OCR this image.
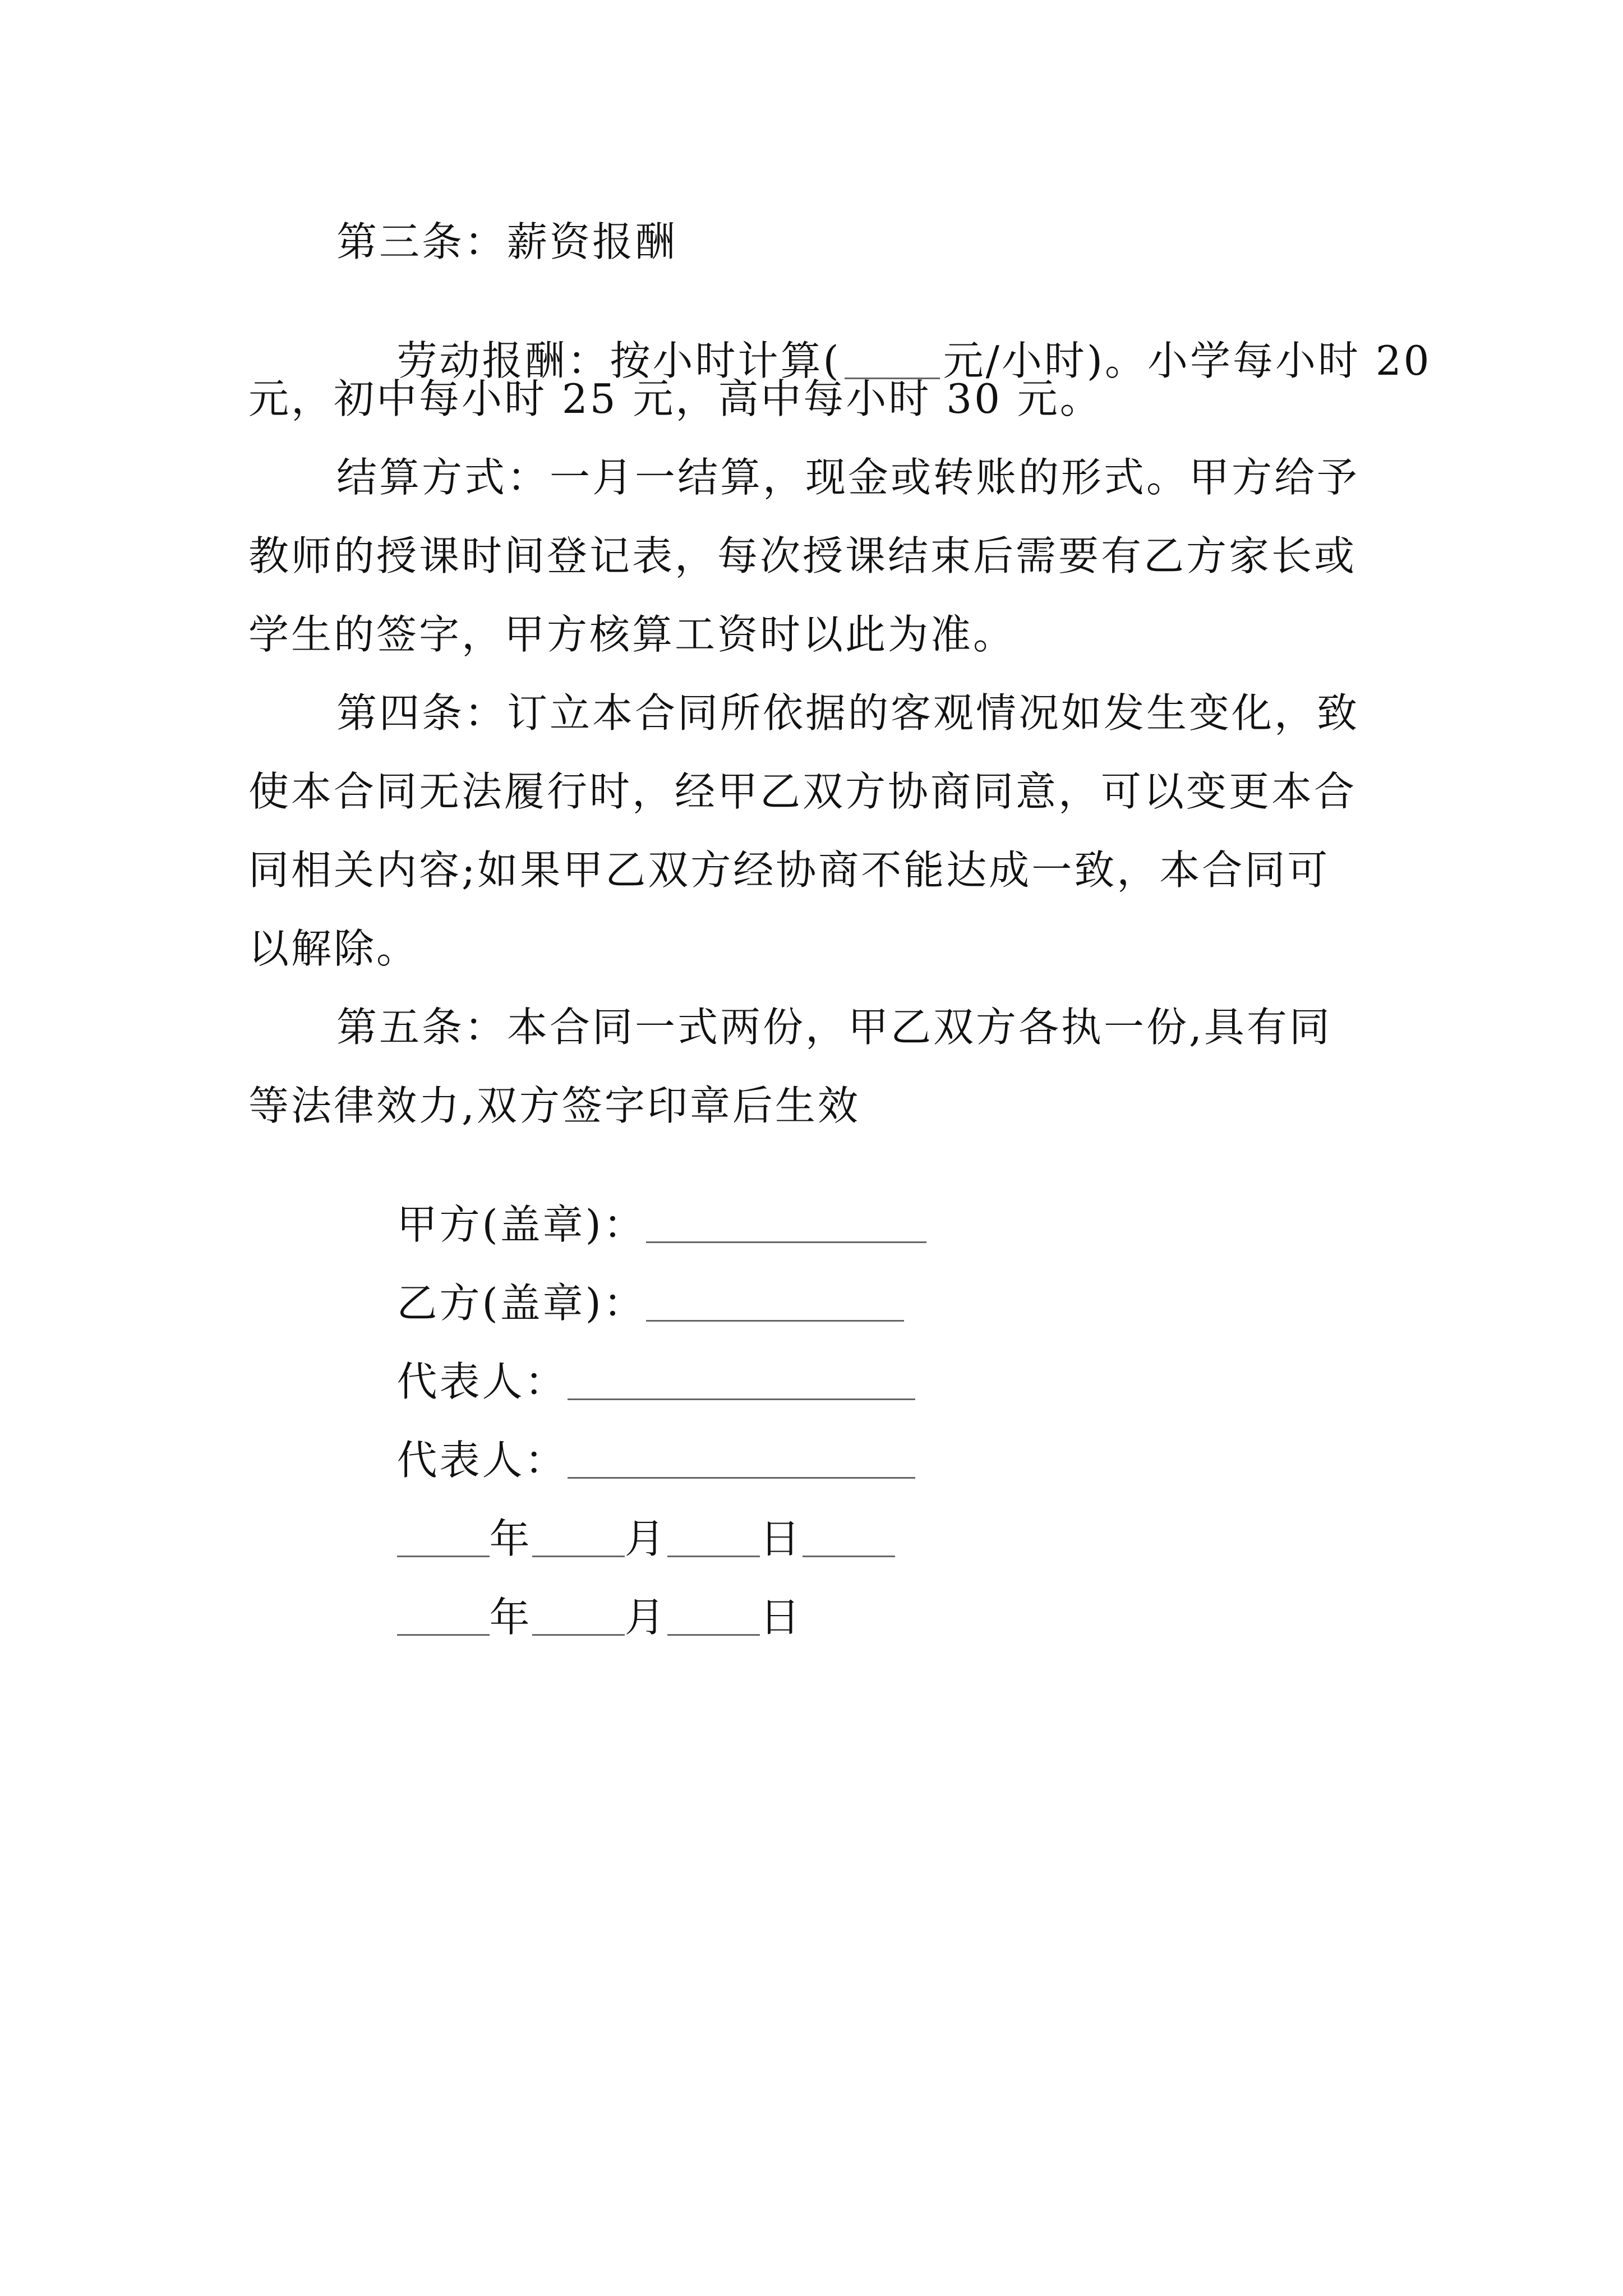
第三条：薪资报酬

劳动报酬：按小时计算(	元/小时)。小学每小时 20

元，初中每小时 25 元，高中每小时 30 元。
结算方式：一月一结算，现金或转账的形式。甲方给予
教师的授课时间登记表，每次授课结束后需要有乙方家长或
学生的签字，甲方核算工资时以此为准。
第四条：订立本合同所依据的客观情况如发生变化，致
使本合同无法履行时，经甲乙双方协商同意，可以变更本合
同相关内容;如果甲乙双方经协商不能达成一致，本合同可
以解除。
第五条：本合同一式两份，甲乙双方各执一份,具有同
等法律效力,双方签字印章后生效

甲方(盖章)：

乙方(盖章)：

代表人：

代表人：

年 月 日

年 月 日
